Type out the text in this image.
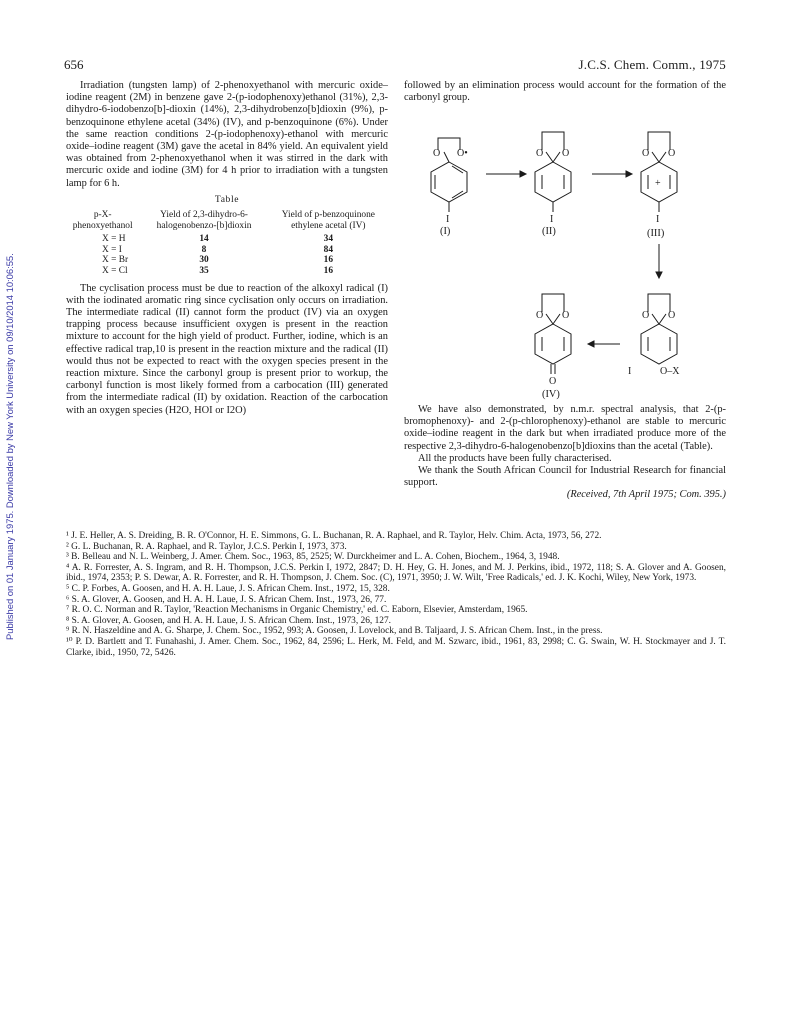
656	J.C.S. Chem. Comm., 1975
Published on 01 January 1975. Downloaded by New York University on 09/10/2014 10:06:55.

Irradiation (tungsten lamp) of 2-phenoxyethanol with mercuric oxide–iodine reagent (2M) in benzene gave 2-(p-iodophenoxy)ethanol (31%), 2,3-dihydro-6-iodobenzo[b]-dioxin (14%), 2,3-dihydrobenzo[b]dioxin (9%), p-benzoquinone ethylene acetal (34%) (IV), and p-benzoquinone (6%). Under the same reaction conditions 2-(p-iodophenoxy)-ethanol with mercuric oxide–iodine reagent (3M) gave the acetal in 84% yield. An equivalent yield was obtained from 2-phenoxyethanol when it was stirred in the dark with mercuric oxide and iodine (3M) for 4 h prior to irradiation with a tungsten lamp for 6 h.

Table
p-X-phenoxyethanol	Yield of 2,3-dihydro-6-halogenobenzo-[b]dioxin	Yield of p-benzoquinone ethylene acetal (IV)
X = H	14	34
X = I	8	84
X = Br	30	16
X = Cl	35	16

The cyclisation process must be due to reaction of the alkoxyl radical (I) with the iodinated aromatic ring since cyclisation only occurs on irradiation. The intermediate radical (II) cannot form the product (IV) via an oxygen trapping process because insufficient oxygen is present in the reaction mixture to account for the high yield of product. Further, iodine, which is an effective radical trap,10 is present in the reaction mixture and the radical (II) would thus not be expected to react with the oxygen species present in the reaction mixture. Since the carbonyl group is present prior to workup, the carbonyl function is most likely formed from a carbocation (III) generated from the intermediate radical (II) by oxidation. Reaction of the carbocation with an oxygen species (H2O, HOI or I2O)

followed by an elimination process would account for the formation of the carbonyl group.

O O•
I
(I)
O O
I
(II)
+
O O
I
(III)
O O
I	O–X
O O
O
(IV)

We have also demonstrated, by n.m.r. spectral analysis, that 2-(p-bromophenoxy)- and 2-(p-chlorophenoxy)-ethanol are stable to mercuric oxide–iodine reagent in the dark but when irradiated produce more of the respective 2,3-dihydro-6-halogenobenzo[b]dioxins than the acetal (Table).

All the products have been fully characterised.

We thank the South African Council for Industrial Research for financial support.

(Received, 7th April 1975; Com. 395.)

¹ J. E. Heller, A. S. Dreiding, B. R. O'Connor, H. E. Simmons, G. L. Buchanan, R. A. Raphael, and R. Taylor, Helv. Chim. Acta, 1973, 56, 272.

² G. L. Buchanan, R. A. Raphael, and R. Taylor, J.C.S. Perkin I, 1973, 373.

³ B. Belleau and N. L. Weinberg, J. Amer. Chem. Soc., 1963, 85, 2525; W. Durckheimer and L. A. Cohen, Biochem., 1964, 3, 1948.

⁴ A. R. Forrester, A. S. Ingram, and R. H. Thompson, J.C.S. Perkin I, 1972, 2847; D. H. Hey, G. H. Jones, and M. J. Perkins, ibid., 1972, 118; S. A. Glover and A. Goosen, ibid., 1974, 2353; P. S. Dewar, A. R. Forrester, and R. H. Thompson, J. Chem. Soc. (C), 1971, 3950; J. W. Wilt, 'Free Radicals,' ed. J. K. Kochi, Wiley, New York, 1973.

⁵ C. P. Forbes, A. Goosen, and H. A. H. Laue, J. S. African Chem. Inst., 1972, 15, 328.

⁶ S. A. Glover, A. Goosen, and H. A. H. Laue, J. S. African Chem. Inst., 1973, 26, 77.

⁷ R. O. C. Norman and R. Taylor, 'Reaction Mechanisms in Organic Chemistry,' ed. C. Eaborn, Elsevier, Amsterdam, 1965.

⁸ S. A. Glover, A. Goosen, and H. A. H. Laue, J. S. African Chem. Inst., 1973, 26, 127.

⁹ R. N. Haszeldine and A. G. Sharpe, J. Chem. Soc., 1952, 993; A. Goosen, J. Lovelock, and B. Taljaard, J. S. African Chem. Inst., in the press.

¹⁰ P. D. Bartlett and T. Funahashi, J. Amer. Chem. Soc., 1962, 84, 2596; L. Herk, M. Feld, and M. Szwarc, ibid., 1961, 83, 2998; C. G. Swain, W. H. Stockmayer and J. T. Clarke, ibid., 1950, 72, 5426.
